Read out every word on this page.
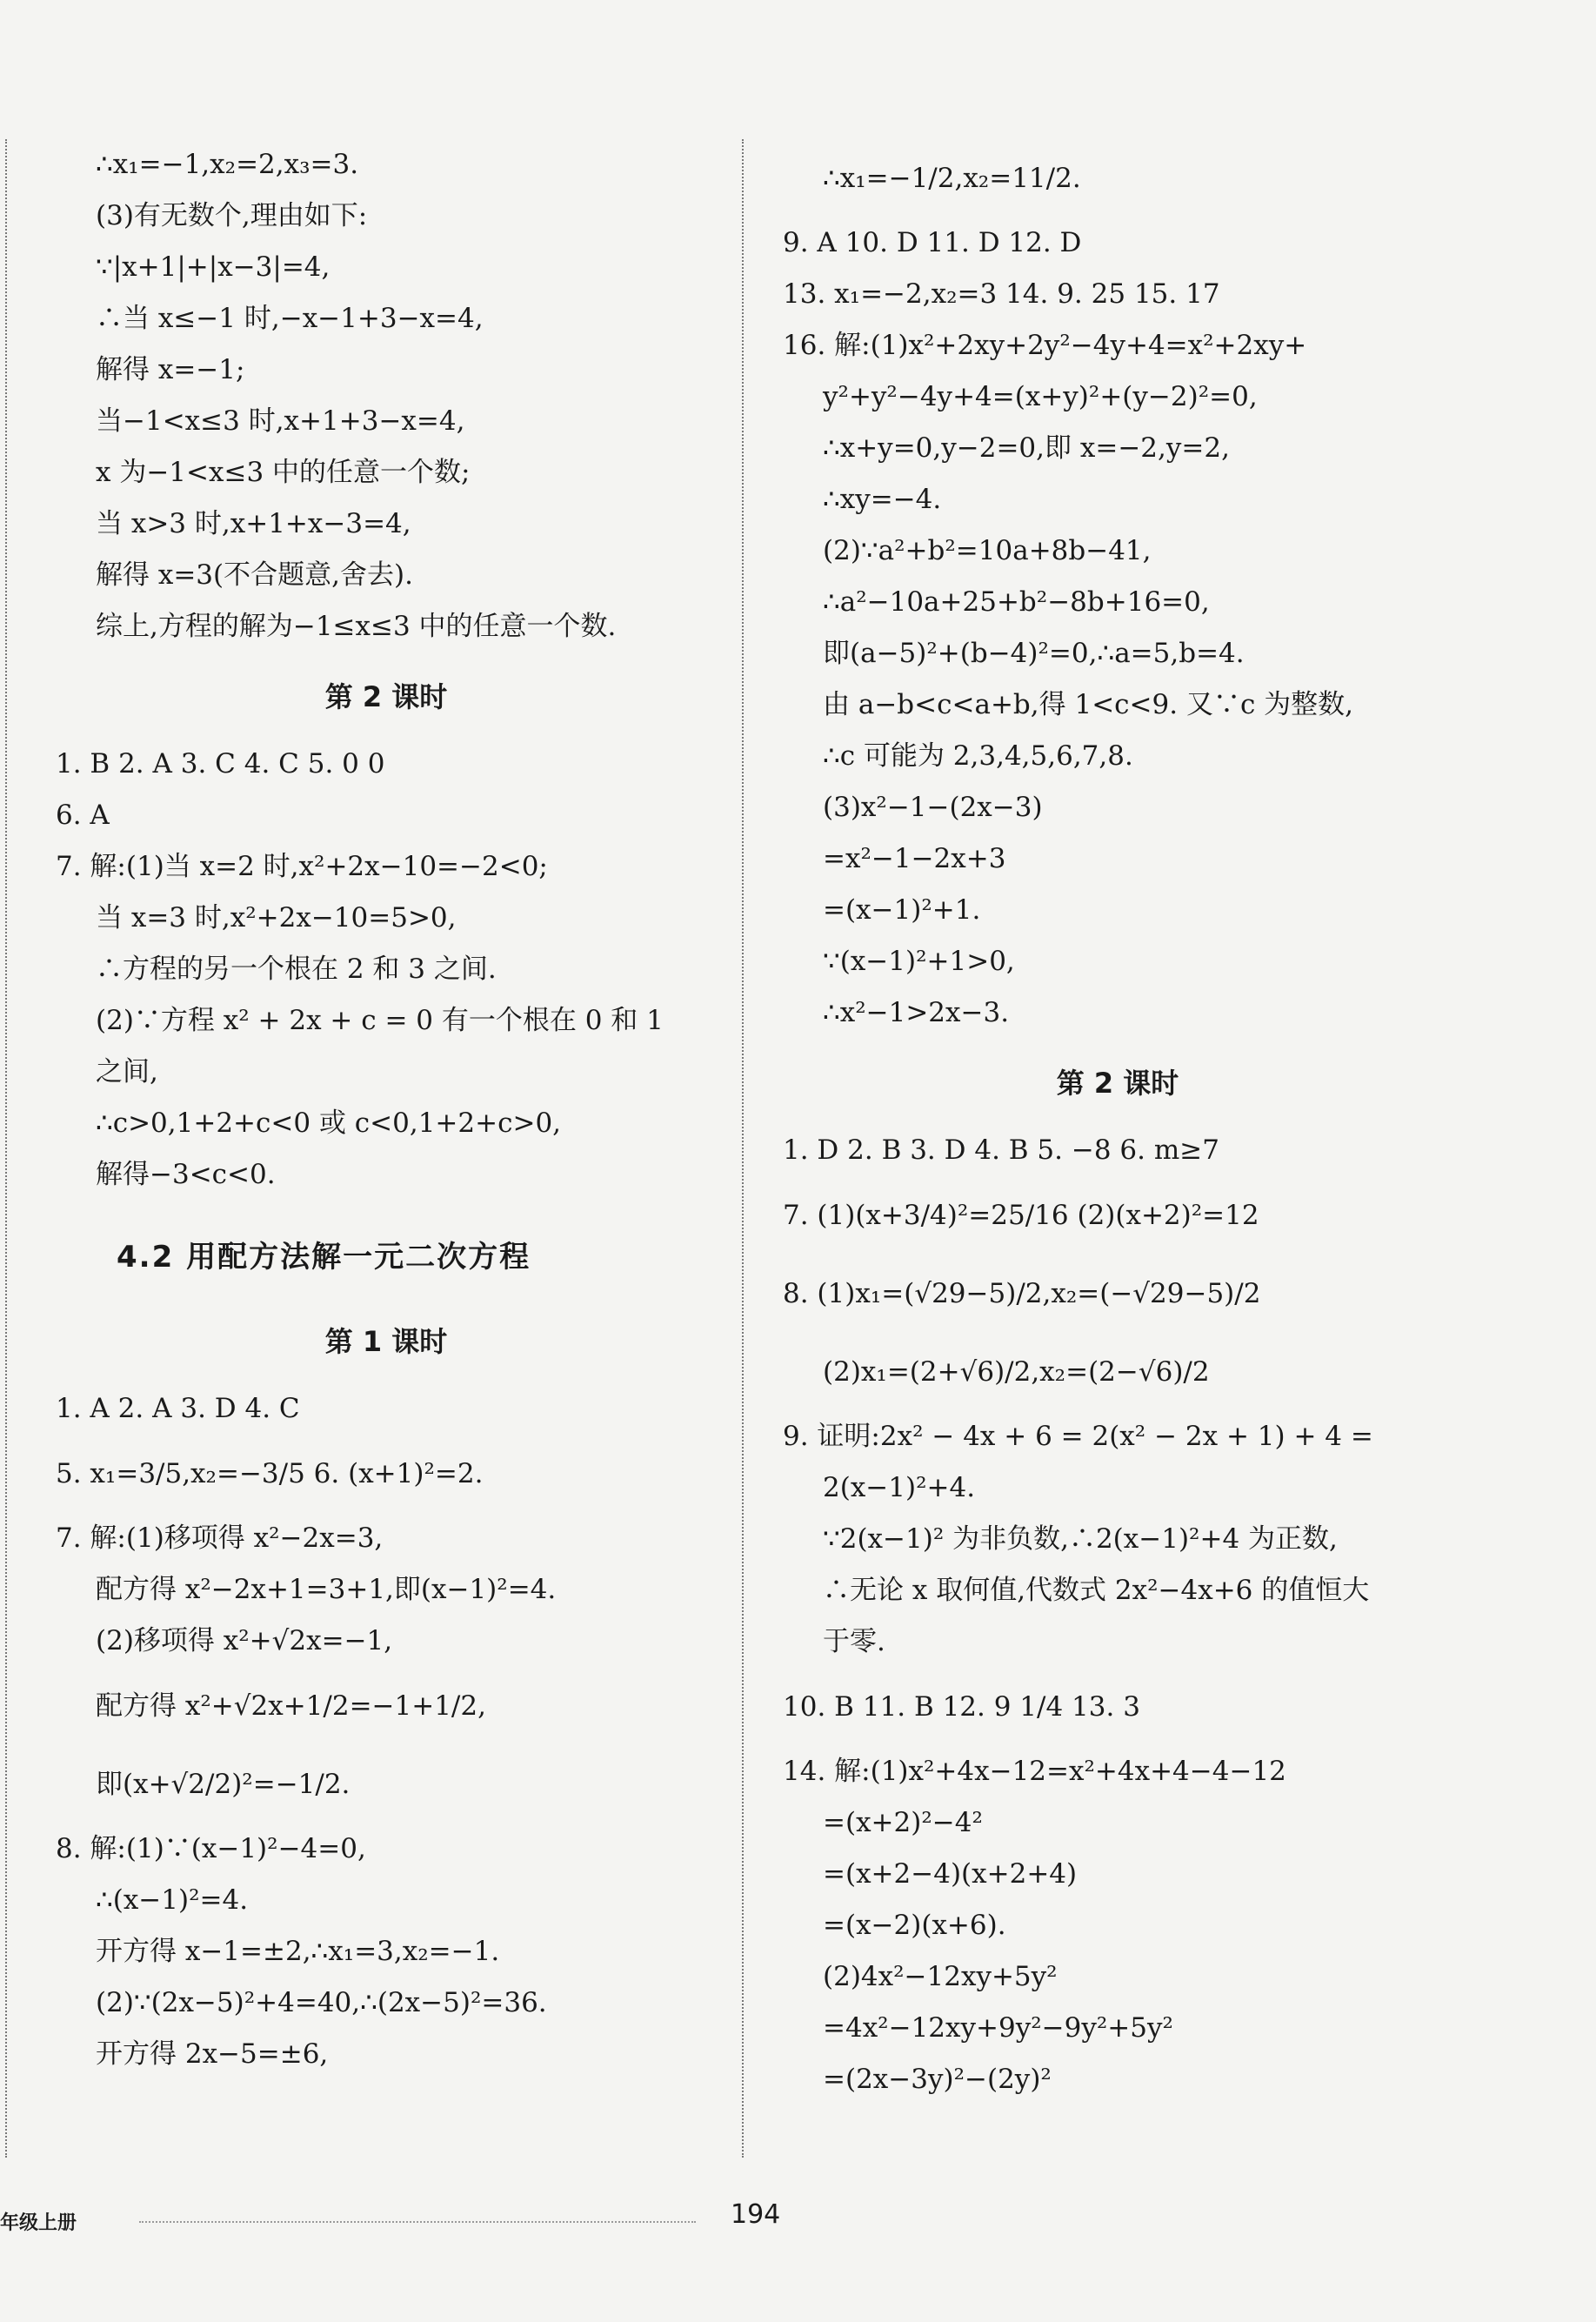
∴x₁=−1,x₂=2,x₃=3.
(3)有无数个,理由如下:
∵|x+1|+|x−3|=4,
∴当 x≤−1 时,−x−1+3−x=4,
解得 x=−1;
当−1<x≤3 时,x+1+3−x=4,
x 为−1<x≤3 中的任意一个数;
当 x>3 时,x+1+x−3=4,
解得 x=3(不合题意,舍去).
综上,方程的解为−1≤x≤3 中的任意一个数.
第 2 课时
1. B 2. A 3. C 4. C 5. 0 0
6. A
7. 解:(1)当 x=2 时,x²+2x−10=−2<0;
当 x=3 时,x²+2x−10=5>0,
∴方程的另一个根在 2 和 3 之间.
(2)∵方程 x² + 2x + c = 0 有一个根在 0 和 1
之间,
∴c>0,1+2+c<0 或 c<0,1+2+c>0,
解得−3<c<0.
4.2 用配方法解一元二次方程
第 1 课时
1. A 2. A 3. D 4. C
5. x₁=3/5,x₂=−3/5 6. (x+1)²=2.
7. 解:(1)移项得 x²−2x=3,
配方得 x²−2x+1=3+1,即(x−1)²=4.
(2)移项得 x²+√2x=−1,
配方得 x²+√2x+1/2=−1+1/2,
即(x+√2/2)²=−1/2.
8. 解:(1)∵(x−1)²−4=0,
∴(x−1)²=4.
开方得 x−1=±2,∴x₁=3,x₂=−1.
(2)∵(2x−5)²+4=40,∴(2x−5)²=36.
开方得 2x−5=±6,
∴x₁=−1/2,x₂=11/2.
9. A 10. D 11. D 12. D
13. x₁=−2,x₂=3 14. 9. 25 15. 17
16. 解:(1)x²+2xy+2y²−4y+4=x²+2xy+
y²+y²−4y+4=(x+y)²+(y−2)²=0,
∴x+y=0,y−2=0,即 x=−2,y=2,
∴xy=−4.
(2)∵a²+b²=10a+8b−41,
∴a²−10a+25+b²−8b+16=0,
即(a−5)²+(b−4)²=0,∴a=5,b=4.
由 a−b<c<a+b,得 1<c<9. 又∵c 为整数,
∴c 可能为 2,3,4,5,6,7,8.
(3)x²−1−(2x−3)
=x²−1−2x+3
=(x−1)²+1.
∵(x−1)²+1>0,
∴x²−1>2x−3.
第 2 课时
1. D 2. B 3. D 4. B 5. −8 6. m≥7
7. (1)(x+3/4)²=25/16 (2)(x+2)²=12
8. (1)x₁=(√29−5)/2,x₂=(−√29−5)/2
(2)x₁=(2+√6)/2,x₂=(2−√6)/2
9. 证明:2x² − 4x + 6 = 2(x² − 2x + 1) + 4 =
2(x−1)²+4.
∵2(x−1)² 为非负数,∴2(x−1)²+4 为正数,
∴无论 x 取何值,代数式 2x²−4x+6 的值恒大
于零.
10. B 11. B 12. 9 1/4 13. 3
14. 解:(1)x²+4x−12=x²+4x+4−4−12
=(x+2)²−4²
=(x+2−4)(x+2+4)
=(x−2)(x+6).
(2)4x²−12xy+5y²
=4x²−12xy+9y²−9y²+5y²
=(2x−3y)²−(2y)²
年级上册	194
